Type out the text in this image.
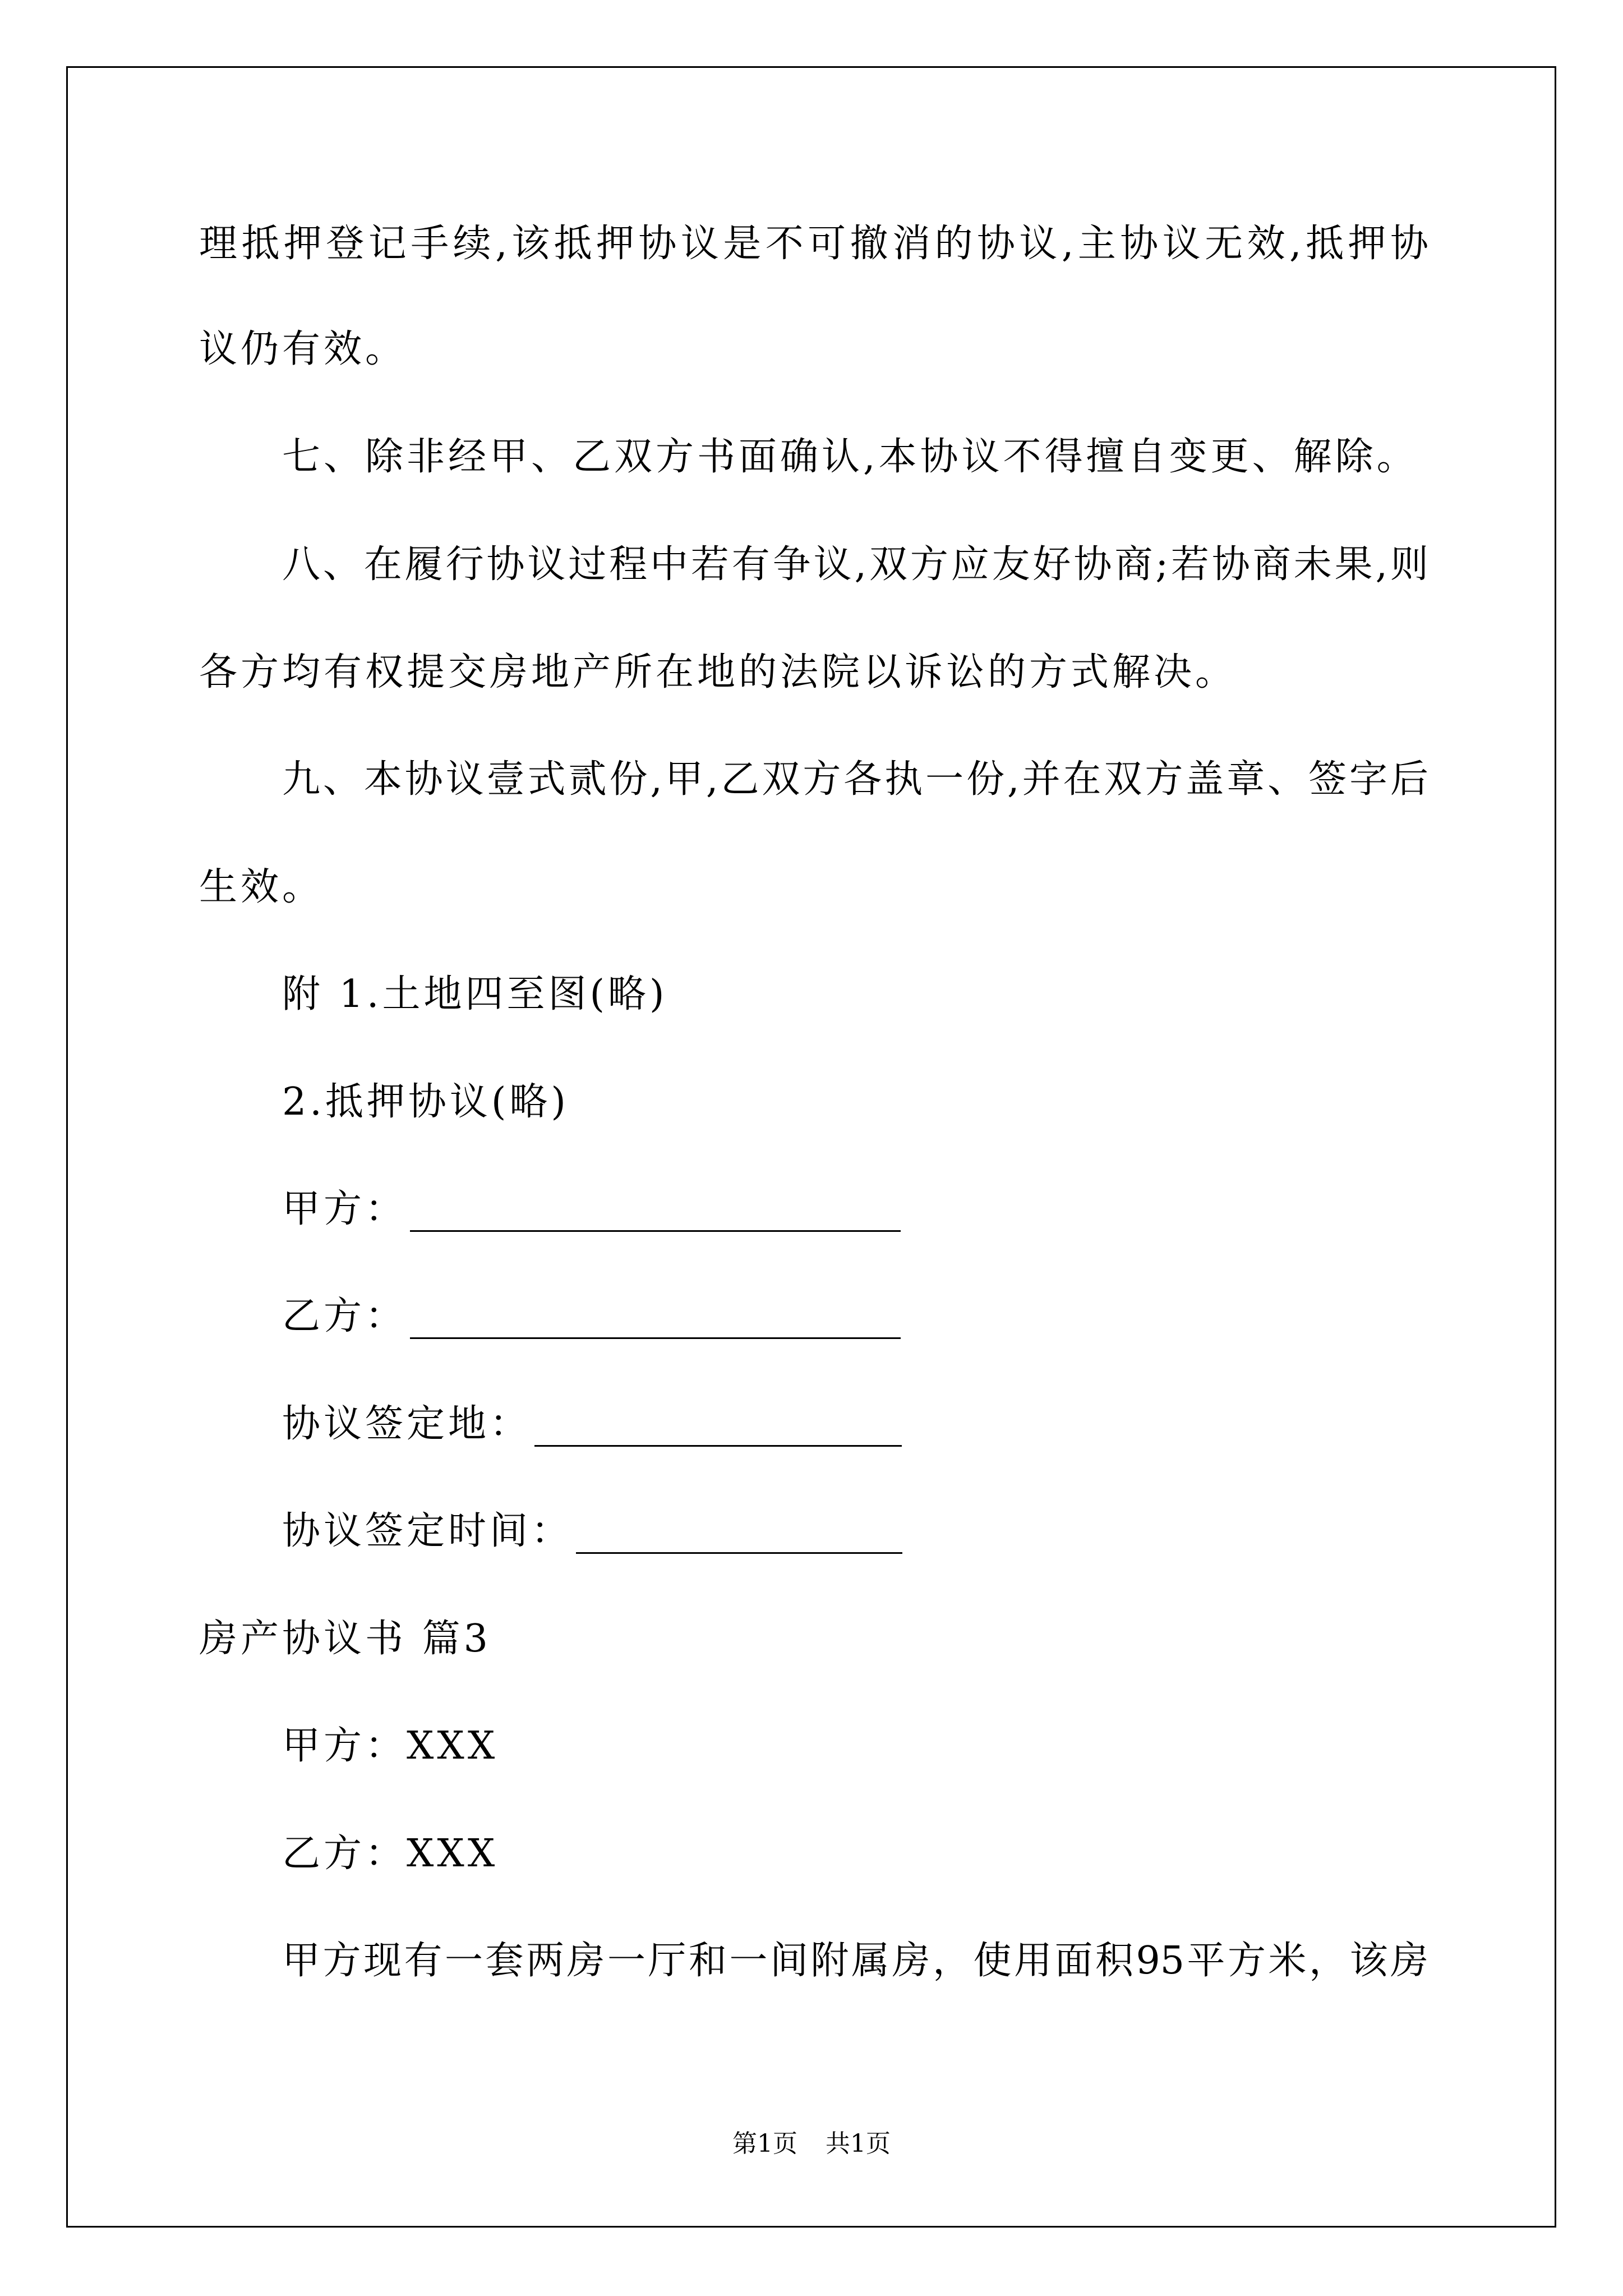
理抵押登记手续,该抵押协议是不可撤消的协议,主协议无效,抵押协
议仍有效。
七、除非经甲、乙双方书面确认,本协议不得擅自变更、解除。
八、在履行协议过程中若有争议,双方应友好协商;若协商未果,则
各方均有权提交房地产所在地的法院以诉讼的方式解决。
九、本协议壹式贰份,甲,乙双方各执一份,并在双方盖章、签字后
生效。
附 1.土地四至图(略)
2.抵押协议(略)
甲方：
乙方：
协议签定地：
协议签定时间：
房产协议书 篇3
甲方：XXX
乙方：XXX
甲方现有一套两房一厅和一间附属房，使用面积95平方米，该房
第1页 共1页
